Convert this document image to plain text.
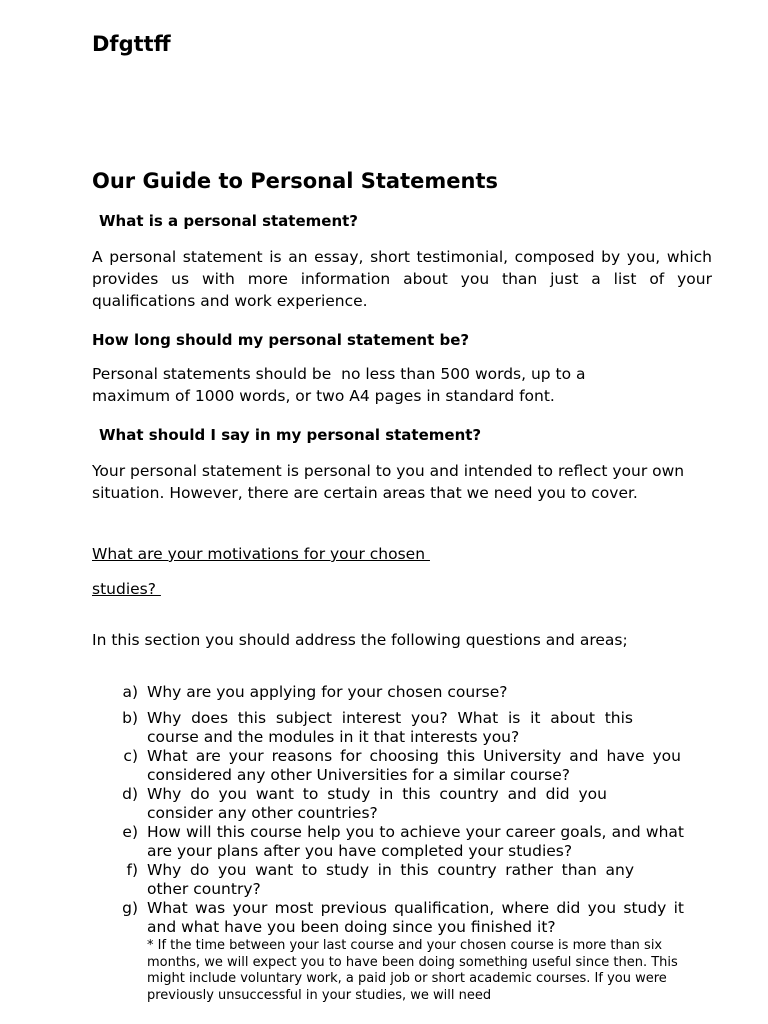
Dfgttff
Our Guide to Personal Statements

What is a personal statement?

A personal statement is an essay, short testimonial, composed by you, which provides us with more information about you than just a list of your qualifications and work experience.

How long should my personal statement be?

Personal statements should be  no less than 500 words, up to a maximum of 1000 words, or two A4 pages in standard font.

What should I say in my personal statement?

Your personal statement is personal to you and intended to reflect your own situation. However, there are certain areas that we need you to cover.

What are your motivations for your chosen

studies?

In this section you should address the following questions and areas;

a) Why are you applying for your chosen course?
b) Why does this subject interest you? What is it about this course and the modules in it that interests you?
c) What are your reasons for choosing this University and have you considered any other Universities for a similar course?
d) Why do you want to study in this country and did you consider any other countries?
e) How will this course help you to achieve your career goals, and what are your plans after you have completed your studies?
f) Why do you want to study in this country rather than any other country?
g) What was your most previous qualification, where did you study it and what have you been doing since you finished it?

* If the time between your last course and your chosen course is more than six months, we will expect you to have been doing something useful since then. This might include voluntary work, a paid job or short academic courses. If you were previously unsuccessful in your studies, we will need
